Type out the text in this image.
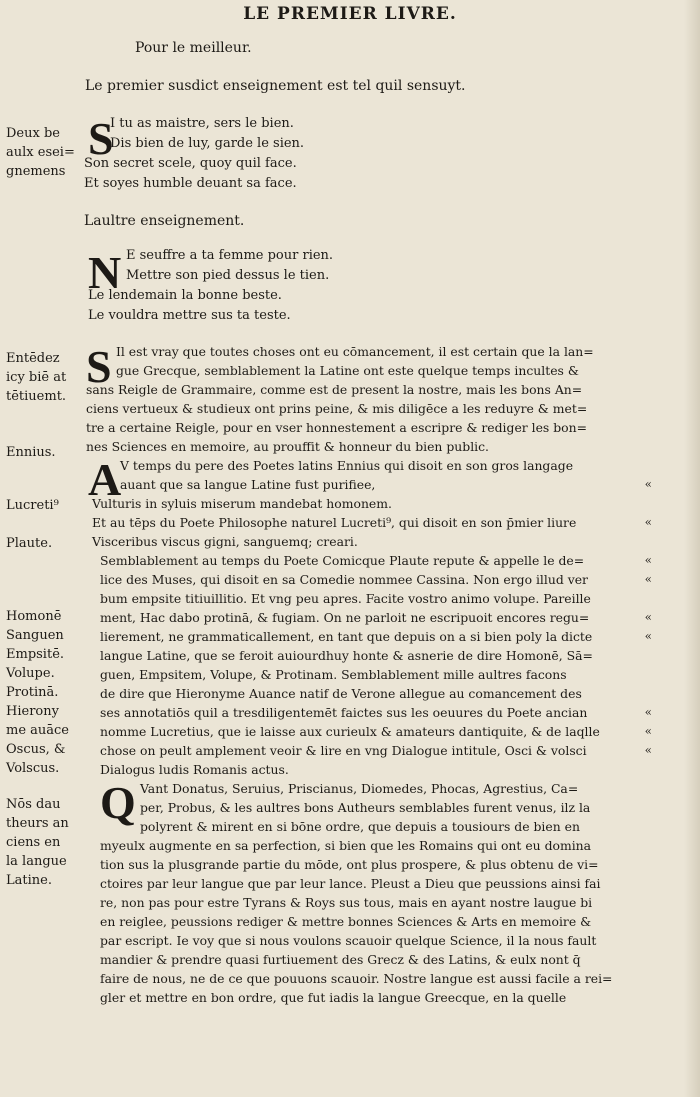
LE PREMIER LIVRE.
Pour le meilleur.
Le premier susdict enseignement est tel quil sensuyt.
Deux be
aulx esei=
gnemens
S
I tu as maistre, sers le bien.
Dis bien de luy, garde le sien.
Son secret scele, quoy quil face.
Et soyes humble deuant sa face.
Laultre enseignement.
N E seuffre a ta femme pour rien.
Mettre son pied dessus le tien.
Le lendemain la bonne beste.
Le vouldra mettre sus ta teste.
Entēdez
icy biē at
tētiuemt.
S Il est vray que toutes choses ont eu cōmancement, il est certain que la lan=
gue Grecque, semblablement la Latine ont este quelque temps incultes &
sans Reigle de Grammaire, comme est de present la nostre, mais les bons An=
ciens vertueux & studieux ont prins peine, & mis diligēce a les reduyre & met=
tre a certaine Reigle, pour en vser honnestement a escripre & rediger les bon=
nes Sciences en memoire, au prouffit & honneur du bien public.
Ennius.
A
V temps du pere des Poetes latins Ennius qui disoit en son gros langage
auant que sa langue Latine fust purifiee,
Lucreti⁹	Vulturis in syluis miserum mandebat homonem.
Et au tēps du Poete Philosophe naturel Lucreti⁹, qui disoit en son p̄mier liure
Plaute.	Visceribus viscus gigni, sanguemq; creari.
Semblablement au temps du Poete Comicque Plaute repute & appelle le de=
lice des Muses, qui disoit en sa Comedie nommee Cassina. Non ergo illud ver
bum empsite titiuillitio. Et vng peu apres. Facite vostro animo volupe. Pareille
ment, Hac dabo protinā, & fugiam. On ne parloit ne escripuoit encores regu=
lierement, ne grammaticallement, en tant que depuis on a si bien poly la dicte
langue Latine, que se feroit auiourdhuy honte & asnerie de dire Homonē, Sā=
guen, Empsitem, Volupe, & Protinam. Semblablement mille aultres facons
de dire que Hieronyme Auance natif de Verone allegue au comancement des
ses annotatiōs quil a tresdiligentemēt faictes sus les oeuures du Poete ancian
nomme Lucretius, que ie laisse aux curieulx & amateurs dantiquite, & de laqlle
chose on peult amplement veoir & lire en vng Dialogue intitule, Osci & volsci
Dialogus ludis Romanis actus.
Homonē
Sanguen
Empsitē.
Volupe.
Protinā.
Hierony
me auāce
Oscus, &
Volscus.
Q Vant Donatus, Seruius, Priscianus, Diomedes, Phocas, Agrestius, Ca=
per, Probus, & les aultres bons Autheurs semblables furent venus, ilz la
polyrent & mirent en si bōne ordre, que depuis a tousiours de bien en
myeulx augmente en sa perfection, si bien que les Romains qui ont eu domina
tion sus la plusgrande partie du mōde, ont plus prospere, & plus obtenu de vi=
ctoires par leur langue que par leur lance. Pleust a Dieu que peussions ainsi fai
re, non pas pour estre Tyrans & Roys sus tous, mais en ayant nostre laugue bi
en reiglee, peussions rediger & mettre bonnes Sciences & Arts en memoire &
par escript. Ie voy que si nous voulons scauoir quelque Science, il la nous fault
mandier & prendre quasi furtiuement des Grecz & des Latins, & eulx nont q̄
faire de nous, ne de ce que pouuons scauoir. Nostre langue est aussi facile a rei=
gler et mettre en bon ordre, que fut iadis la langue Greecque, en la quelle
Nōs dau
theurs an
ciens en
la langue
Latine.
«
«
«
«
«
«
«
«
«
